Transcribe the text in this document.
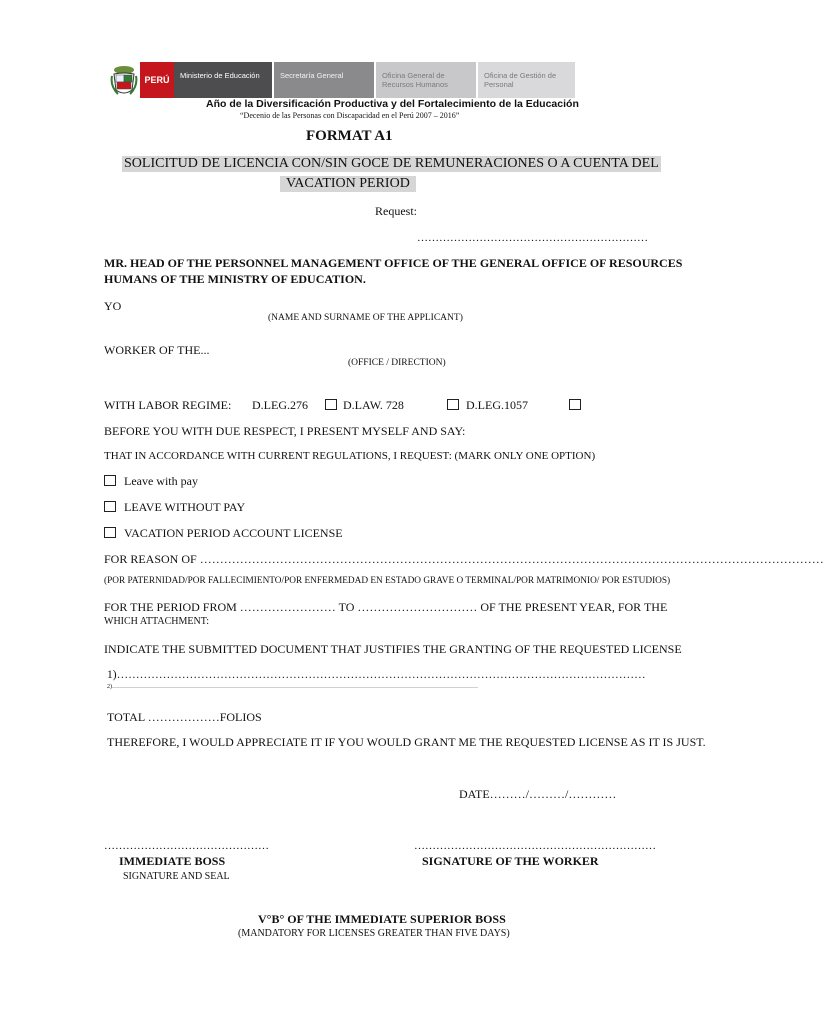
PERÚ	Ministerio de Educación	Secretaría General	Oficina General de Recursos Humanos
Oficina de Gestión de Personal
Año de la Diversificación Productiva y del Fortalecimiento de la Educación
“Decenio de las Personas con Discapacidad en el Perú 2007 – 2016”
FORMAT A1
SOLICITUD DE LICENCIA CON/SIN GOCE DE REMUNERACIONES O A CUENTA DEL
VACATION PERIOD
Request:
………………………………………………………
MR. HEAD OF THE PERSONNEL MANAGEMENT OFFICE OF THE GENERAL OFFICE OF RESOURCES
HUMANS OF THE MINISTRY OF EDUCATION.
YO
(NAME AND SURNAME OF THE APPLICANT)
WORKER OF THE...
(OFFICE / DIRECTION)
WITH LABOR REGIME: D.LEG.276	D.LAW. 728	D.LEG.1057
BEFORE YOU WITH DUE RESPECT, I PRESENT MYSELF AND SAY:
THAT IN ACCORDANCE WITH CURRENT REGULATIONS, I REQUEST: (MARK ONLY ONE OPTION)
Leave with pay
LEAVE WITHOUT PAY
VACATION PERIOD ACCOUNT LICENSE
FOR REASON OF …………………………………………………………………………………………………………………………………………
(POR PATERNIDAD/POR FALLECIMIENTO/POR ENFERMEDAD EN ESTADO GRAVE O TERMINAL/POR MATRIMONIO/ POR ESTUDIOS)
FOR THE PERIOD FROM …………………… TO ………………………… OF THE PRESENT YEAR, FOR THE
WHICH ATTACHMENT:
INDICATE THE SUBMITTED DOCUMENT THAT JUSTIFIES THE GRANTING OF THE REQUESTED LICENSE
1)…………………………………………………………………………………………………………………………
2)…………………………………………………………………………………………………………………………………………………………………
TOTAL ………………FOLIOS
THEREFORE, I WOULD APPRECIATE IT IF YOU WOULD GRANT ME THE REQUESTED LICENSE AS IT IS JUST.
DATE………/………/…………
………………………………………	…………………………………………………………
IMMEDIATE BOSS
SIGNATURE AND SEAL
SIGNATURE OF THE WORKER
V°B° OF THE IMMEDIATE SUPERIOR BOSS
(MANDATORY FOR LICENSES GREATER THAN FIVE DAYS)
